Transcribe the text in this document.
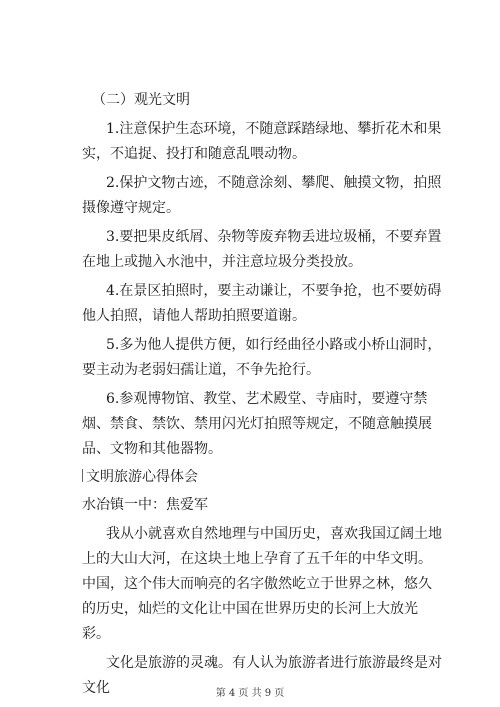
（二）观光文明

1.注意保护生态环境，不随意踩踏绿地、攀折花木和果实，不追捉、投打和随意乱喂动物。

2.保护文物古迹，不随意涂刻、攀爬、触摸文物，拍照摄像遵守规定。

3.要把果皮纸屑、杂物等废弃物丢进垃圾桶，不要弃置在地上或抛入水池中，并注意垃圾分类投放。

4.在景区拍照时，要主动谦让，不要争抢，也不要妨碍他人拍照，请他人帮助拍照要道谢。

5.多为他人提供方便，如行经曲径小路或小桥山洞时，要主动为老弱妇孺让道，不争先抢行。

6.参观博物馆、教堂、艺术殿堂、寺庙时，要遵守禁烟、禁食、禁饮、禁用闪光灯拍照等规定，不随意触摸展品、文物和其他器物。

文明旅游心得体会

水冶镇一中：焦爱军

我从小就喜欢自然地理与中国历史，喜欢我国辽阔土地上的大山大河，在这块土地上孕育了五千年的中华文明。中国，这个伟大而响亮的名字傲然屹立于世界之林，悠久的历史，灿烂的文化让中国在世界历史的长河上大放光彩。

文化是旅游的灵魂。有人认为旅游者进行旅游最终是对文化	第 4 页 共 9 页
